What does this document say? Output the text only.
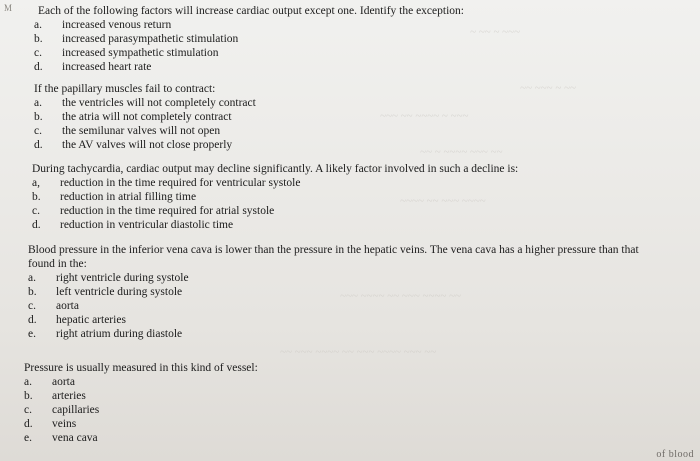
~ ~~ ~ ~~~
~~ ~~~ ~ ~~
~~~ ~~ ~~~~ ~ ~~~
~~ ~ ~~~~ ~~~ ~~
~~~~ ~~ ~~~ ~~~~
~~~ ~~~~ ~~ ~~~ ~~~~ ~~
~~ ~~~ ~~~~ ~~ ~~~ ~~~~ ~~~ ~~
M Each of the following factors will increase cardiac output except one. Identify the exception:
a.	increased venous return
b.	increased parasympathetic stimulation
c.	increased sympathetic stimulation
d.	increased heart rate
If the papillary muscles fail to contract:
a.	the ventricles will not completely contract
b.	the atria will not completely contract
c.	the semilunar valves will not open
d.	the AV valves will not close properly
During tachycardia, cardiac output may decline significantly. A likely factor involved in such a decline is:
a,	reduction in the time required for ventricular systole
b.	reduction in atrial filling time
c.	reduction in the time required for atrial systole
d.	reduction in ventricular diastolic time
Blood pressure in the inferior vena cava is lower than the pressure in the hepatic veins. The vena cava has a higher pressure than that found in the:
a.	right ventricle during systole
b.	left ventricle during systole
c.	aorta
d.	hepatic arteries
e.	right atrium during diastole
Pressure is usually measured in this kind of vessel:
a.	aorta
b.	arteries
c.	capillaries
d.	veins
e.	vena cava
of blood
